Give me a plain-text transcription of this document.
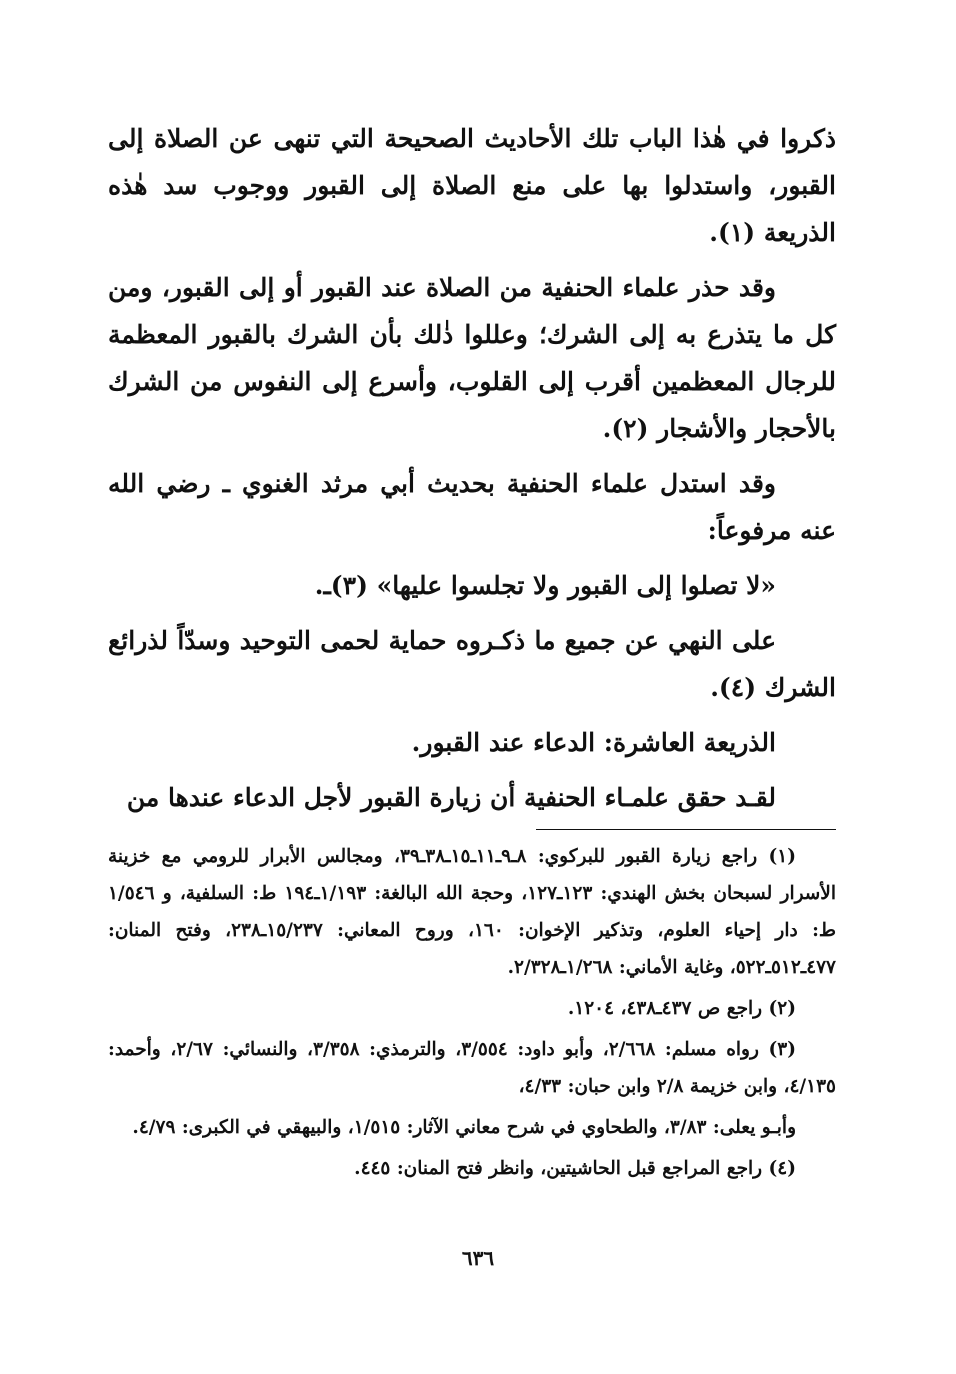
ذكروا في هٰذا الباب تلك الأحاديث الصحيحة التي تنهى عن الصلاة إلى القبور، واستدلوا بها على منع الصلاة إلى القبور ووجوب سد هٰذه الذريعة (١).

وقد حذر علماء الحنفية من الصلاة عند القبور أو إلى القبور، ومن كل ما يتذرع به إلى الشرك؛ وعللوا ذٰلك بأن الشرك بالقبور المعظمة للرجال المعظمين أقرب إلى القلوب، وأسرع إلى النفوس من الشرك بالأحجار والأشجار (٢).

وقد استدل علماء الحنفية بحديث أبي مرثد الغنوي ـ رضي الله عنه مرفوعاً:

«لا تصلوا إلى القبور ولا تجلسوا عليها» (٣)ـ.

على النهي عن جميع ما ذكـروه حماية لحمى التوحيد وسدّاً لذرائع الشرك (٤).

الذريعة العاشرة: الدعاء عند القبور.

لقـد حقق علمـاء الحنفية أن زيارة القبور لأجل الدعاء عندها من

(١) راجع زيارة القبور للبركوي: ٨ـ٩ـ١١ـ١٥ـ٣٨ـ٣٩، ومجالس الأبرار للرومي مع خزينة الأسرار لسبحان بخش الهندي: ١٢٣ـ١٢٧، وحجة الله البالغة: ١/١٩٣ـ١٩٤ ط: السلفية، و ١/٥٤٦ ط: دار إحياء العلوم، وتذكير الإخوان: ١٦٠، وروح المعاني: ١٥/٢٣٧ـ٢٣٨، وفتح المنان: ٤٧٧ـ٥١٢ـ٥٢٢، وغاية الأماني: ١/٢٦٨ـ٢/٣٢٨.

(٢) راجع ص ٤٣٧ـ٤٣٨، ١٢٠٤.

(٣) رواه مسلم: ٢/٦٦٨، وأبو داود: ٣/٥٥٤، والترمذي: ٣/٣٥٨، والنسائي: ٢/٦٧، وأحمد: ٤/١٣٥، وابن خزيمة ٢/٨ وابن حبان: ٤/٣٣،

وأبـو يعلى: ٣/٨٣، والطحاوي في شرح معاني الآثار: ١/٥١٥، والبيهقي في الكبرى: ٤/٧٩.

(٤) راجع المراجع قبل الحاشيتين، وانظر فتح المنان: ٤٤٥.

٦٣٦
